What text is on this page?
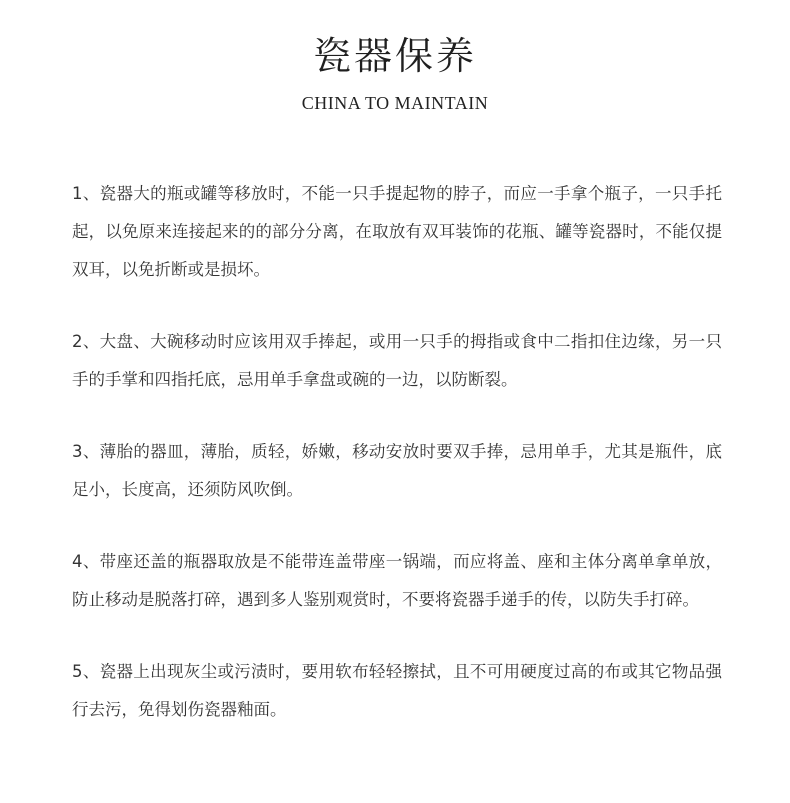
瓷器保养
CHINA TO MAINTAIN

1、瓷器大的瓶或罐等移放时，不能一只手提起物的脖子，而应一手拿个瓶子，一只手托起，以免原来连接起来的的部分分离，在取放有双耳装饰的花瓶、罐等瓷器时，不能仅提双耳，以免折断或是损坏。

2、大盘、大碗移动时应该用双手捧起，或用一只手的拇指或食中二指扣住边缘，另一只手的手掌和四指托底，忌用单手拿盘或碗的一边，以防断裂。

3、薄胎的器皿，薄胎，质轻，娇嫩，移动安放时要双手捧，忌用单手，尤其是瓶件，底足小，长度高，还须防风吹倒。

4、带座还盖的瓶器取放是不能带连盖带座一锅端，而应将盖、座和主体分离单拿单放，防止移动是脱落打碎，遇到多人鉴别观赏时，不要将瓷器手递手的传，以防失手打碎。

5、瓷器上出现灰尘或污渍时，要用软布轻轻擦拭，且不可用硬度过高的布或其它物品强行去污，免得划伤瓷器釉面。
